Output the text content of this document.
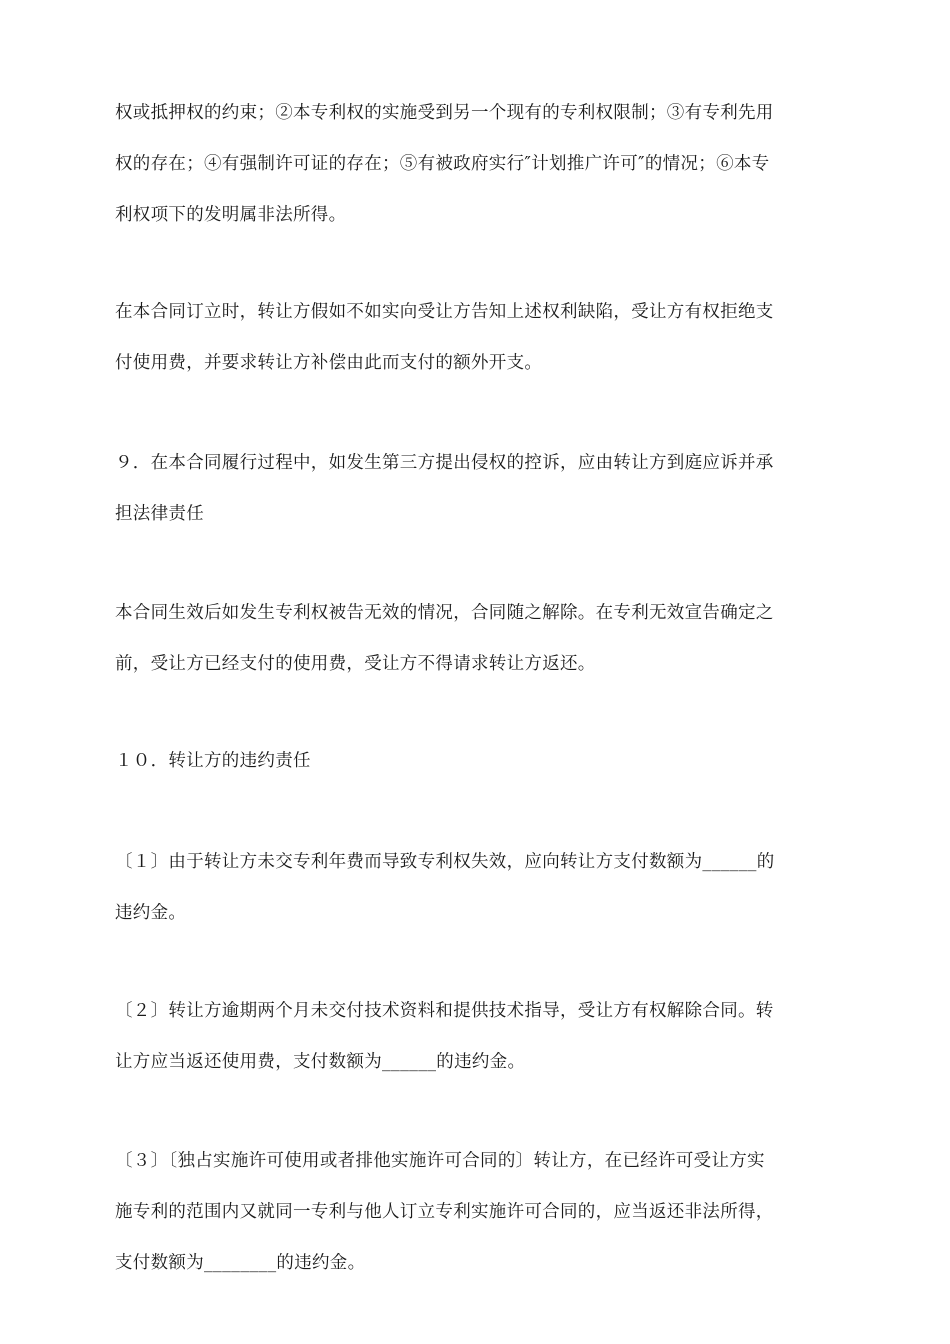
权或抵押权的约束；②本专利权的实施受到另一个现有的专利权限制；③有专利先用
权的存在；④有强制许可证的存在；⑤有被政府实行″计划推广许可″的情况；⑥本专
利权项下的发明属非法所得。
在本合同订立时，转让方假如不如实向受让方告知上述权利缺陷，受让方有权拒绝支
付使用费，并要求转让方补偿由此而支付的额外开支。
９．在本合同履行过程中，如发生第三方提出侵权的控诉，应由转让方到庭应诉并承
担法律责任
本合同生效后如发生专利权被告无效的情况，合同随之解除。在专利无效宣告确定之
前，受让方已经支付的使用费，受让方不得请求转让方返还。
１０．转让方的违约责任
〔１〕由于转让方未交专利年费而导致专利权失效，应向转让方支付数额为______的
违约金。
〔２〕转让方逾期两个月未交付技术资料和提供技术指导，受让方有权解除合同。转
让方应当返还使用费，支付数额为______的违约金。
〔３〕〔独占实施许可使用或者排他实施许可合同的〕转让方，在已经许可受让方实
施专利的范围内又就同一专利与他人订立专利实施许可合同的，应当返还非法所得，
支付数额为________的违约金。
